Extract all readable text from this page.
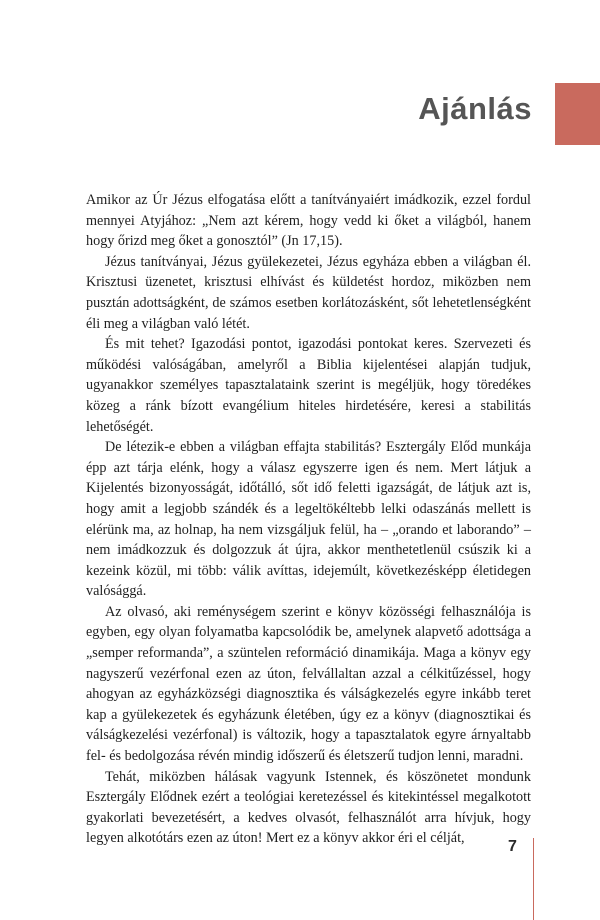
Ajánlás

Amikor az Úr Jézus elfogatása előtt a tanítványaiért imádkozik, ezzel fordul mennyei Atyjához: „Nem azt kérem, hogy vedd ki őket a világból, hanem hogy őrizd meg őket a gonosztól” (Jn 17,15).

Jézus tanítványai, Jézus gyülekezetei, Jézus egyháza ebben a világban él. Krisztusi üzenetet, krisztusi elhívást és küldetést hordoz, miközben nem pusztán adottságként, de számos esetben korlátozásként, sőt lehetetlenségként éli meg a világban való létét.

És mit tehet? Igazodási pontot, igazodási pontokat keres. Szervezeti és működési valóságában, amelyről a Biblia kijelentései alapján tudjuk, ugyanakkor személyes tapasztalataink szerint is megéljük, hogy töredékes közeg a ránk bízott evangélium hiteles hirdetésére, keresi a stabilitás lehetőségét.

De létezik-e ebben a világban effajta stabilitás? Esztergály Előd munkája épp azt tárja elénk, hogy a válasz egyszerre igen és nem. Mert látjuk a Kijelentés bizonyosságát, időtálló, sőt idő feletti igazságát, de látjuk azt is, hogy amit a legjobb szándék és a legeltökéltebb lelki odaszánás mellett is elérünk ma, az holnap, ha nem vizsgáljuk felül, ha – „orando et laborando” – nem imádkozzuk és dolgozzuk át újra, akkor menthetetlenül csúszik ki a kezeink közül, mi több: válik avíttas, idejemúlt, következésképp életidegen valósággá.

Az olvasó, aki reménységem szerint e könyv közösségi felhasználója is egyben, egy olyan folyamatba kapcsolódik be, amelynek alapvető adottsága a „semper reformanda”, a szüntelen reformáció dinamikája. Maga a könyv egy nagyszerű vezérfonal ezen az úton, felvállaltan azzal a célkitűzéssel, hogy ahogyan az egyházközségi diagnosztika és válságkezelés egyre inkább teret kap a gyülekezetek és egyházunk életében, úgy ez a könyv (diagnosztikai és válságkezelési vezérfonal) is változik, hogy a tapasztalatok egyre árnyaltabb fel- és bedolgozása révén mindig időszerű és életszerű tudjon lenni, maradni.

Tehát, miközben hálásak vagyunk Istennek, és köszönetet mondunk Esztergály Elődnek ezért a teológiai keretezéssel és kitekintéssel megalkotott gyakorlati bevezetésért, a kedves olvasót, felhasználót arra hívjuk, hogy legyen alkotótárs ezen az úton! Mert ez a könyv akkor éri el célját,	7
